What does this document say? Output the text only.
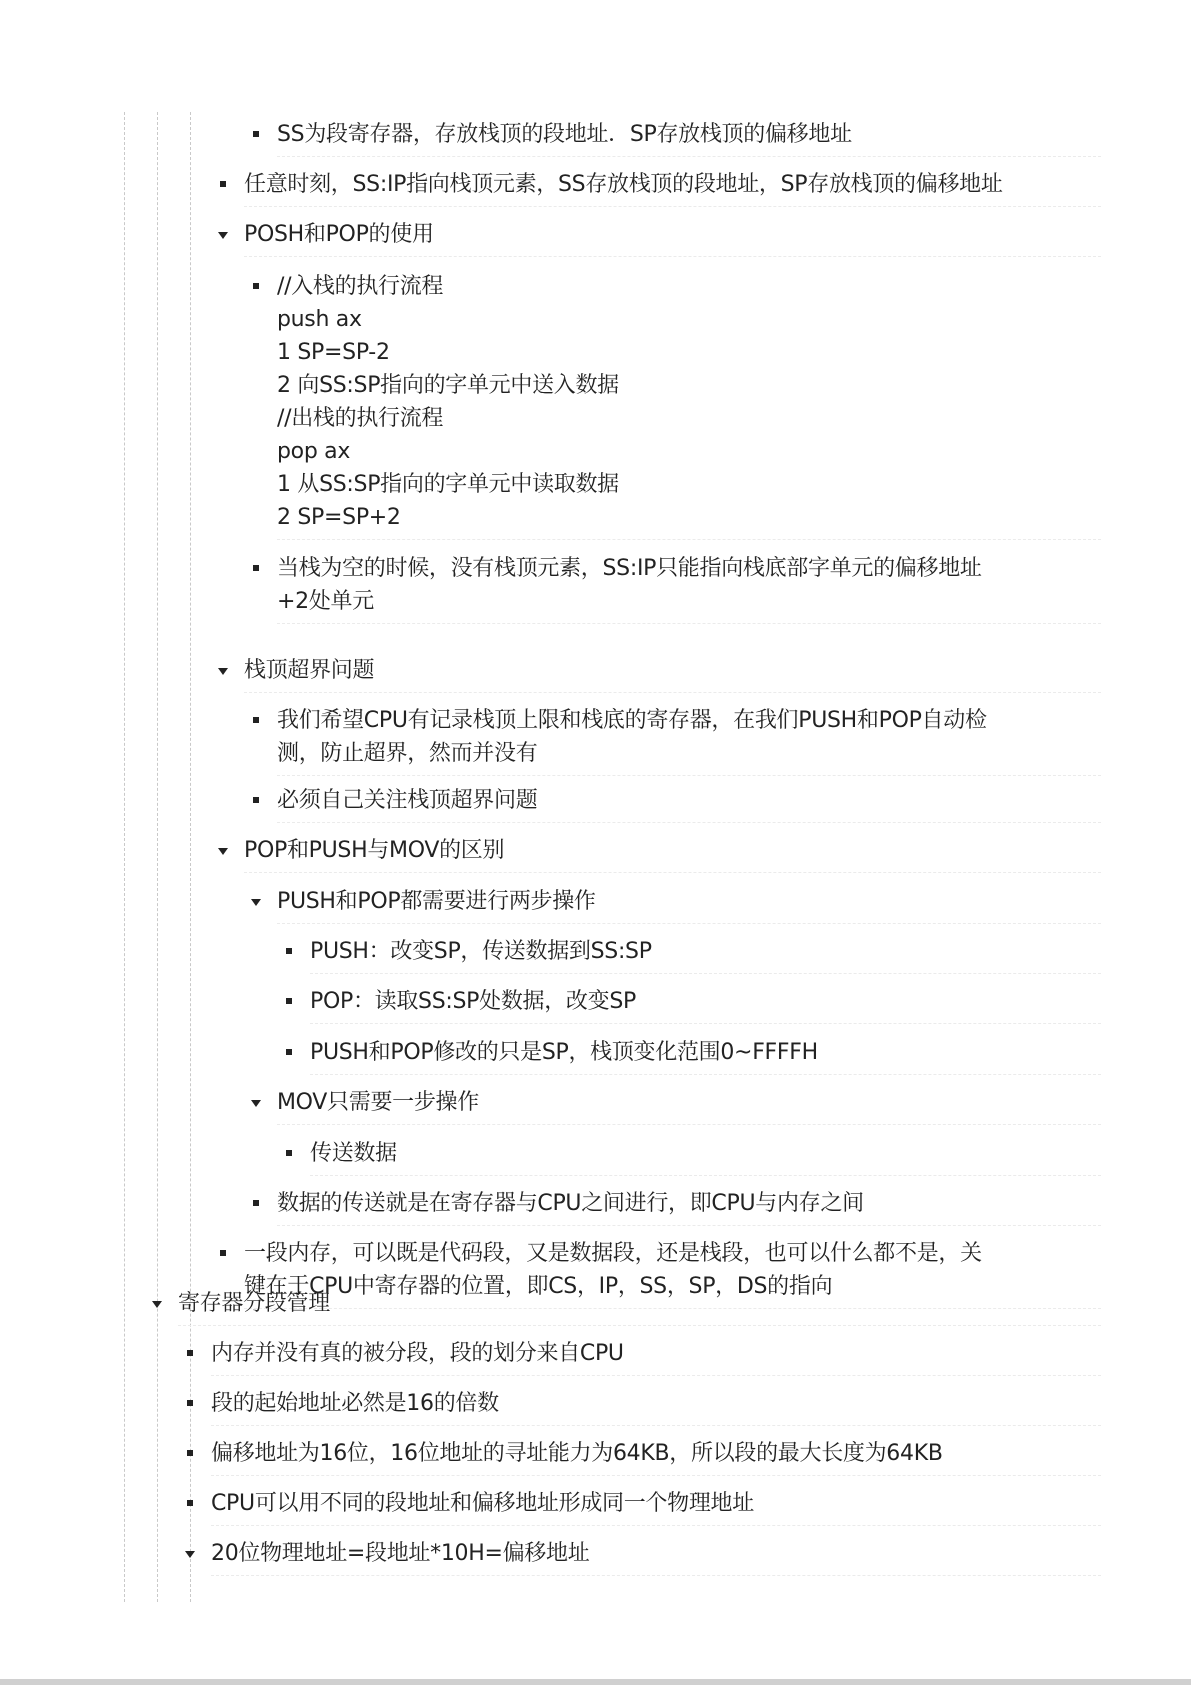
SS为段寄存器，存放栈顶的段地址．SP存放栈顶的偏移地址
任意时刻，SS:IP指向栈顶元素，SS存放栈顶的段地址，SP存放栈顶的偏移地址
POSH和POP的使用
//入栈的执行流程
push ax
1 SP=SP-2
2 向SS:SP指向的字单元中送入数据
//出栈的执行流程
pop ax
1 从SS:SP指向的字单元中读取数据
2 SP=SP+2
当栈为空的时候，没有栈顶元素，SS:IP只能指向栈底部字单元的偏移地址
+2处单元
栈顶超界问题
我们希望CPU有记录栈顶上限和栈底的寄存器，在我们PUSH和POP自动检
测，防止超界，然而并没有
必须自己关注栈顶超界问题
POP和PUSH与MOV的区别
PUSH和POP都需要进行两步操作
PUSH：改变SP，传送数据到SS:SP
POP：读取SS:SP处数据，改变SP
PUSH和POP修改的只是SP，栈顶变化范围0~FFFFH
MOV只需要一步操作
传送数据
数据的传送就是在寄存器与CPU之间进行，即CPU与内存之间
一段内存，可以既是代码段，又是数据段，还是栈段，也可以什么都不是，关
键在于CPU中寄存器的位置，即CS，IP，SS，SP，DS的指向
寄存器分段管理
内存并没有真的被分段，段的划分来自CPU
段的起始地址必然是16的倍数
偏移地址为16位，16位地址的寻址能力为64KB，所以段的最大长度为64KB
CPU可以用不同的段地址和偏移地址形成同一个物理地址
20位物理地址=段地址*10H=偏移地址
